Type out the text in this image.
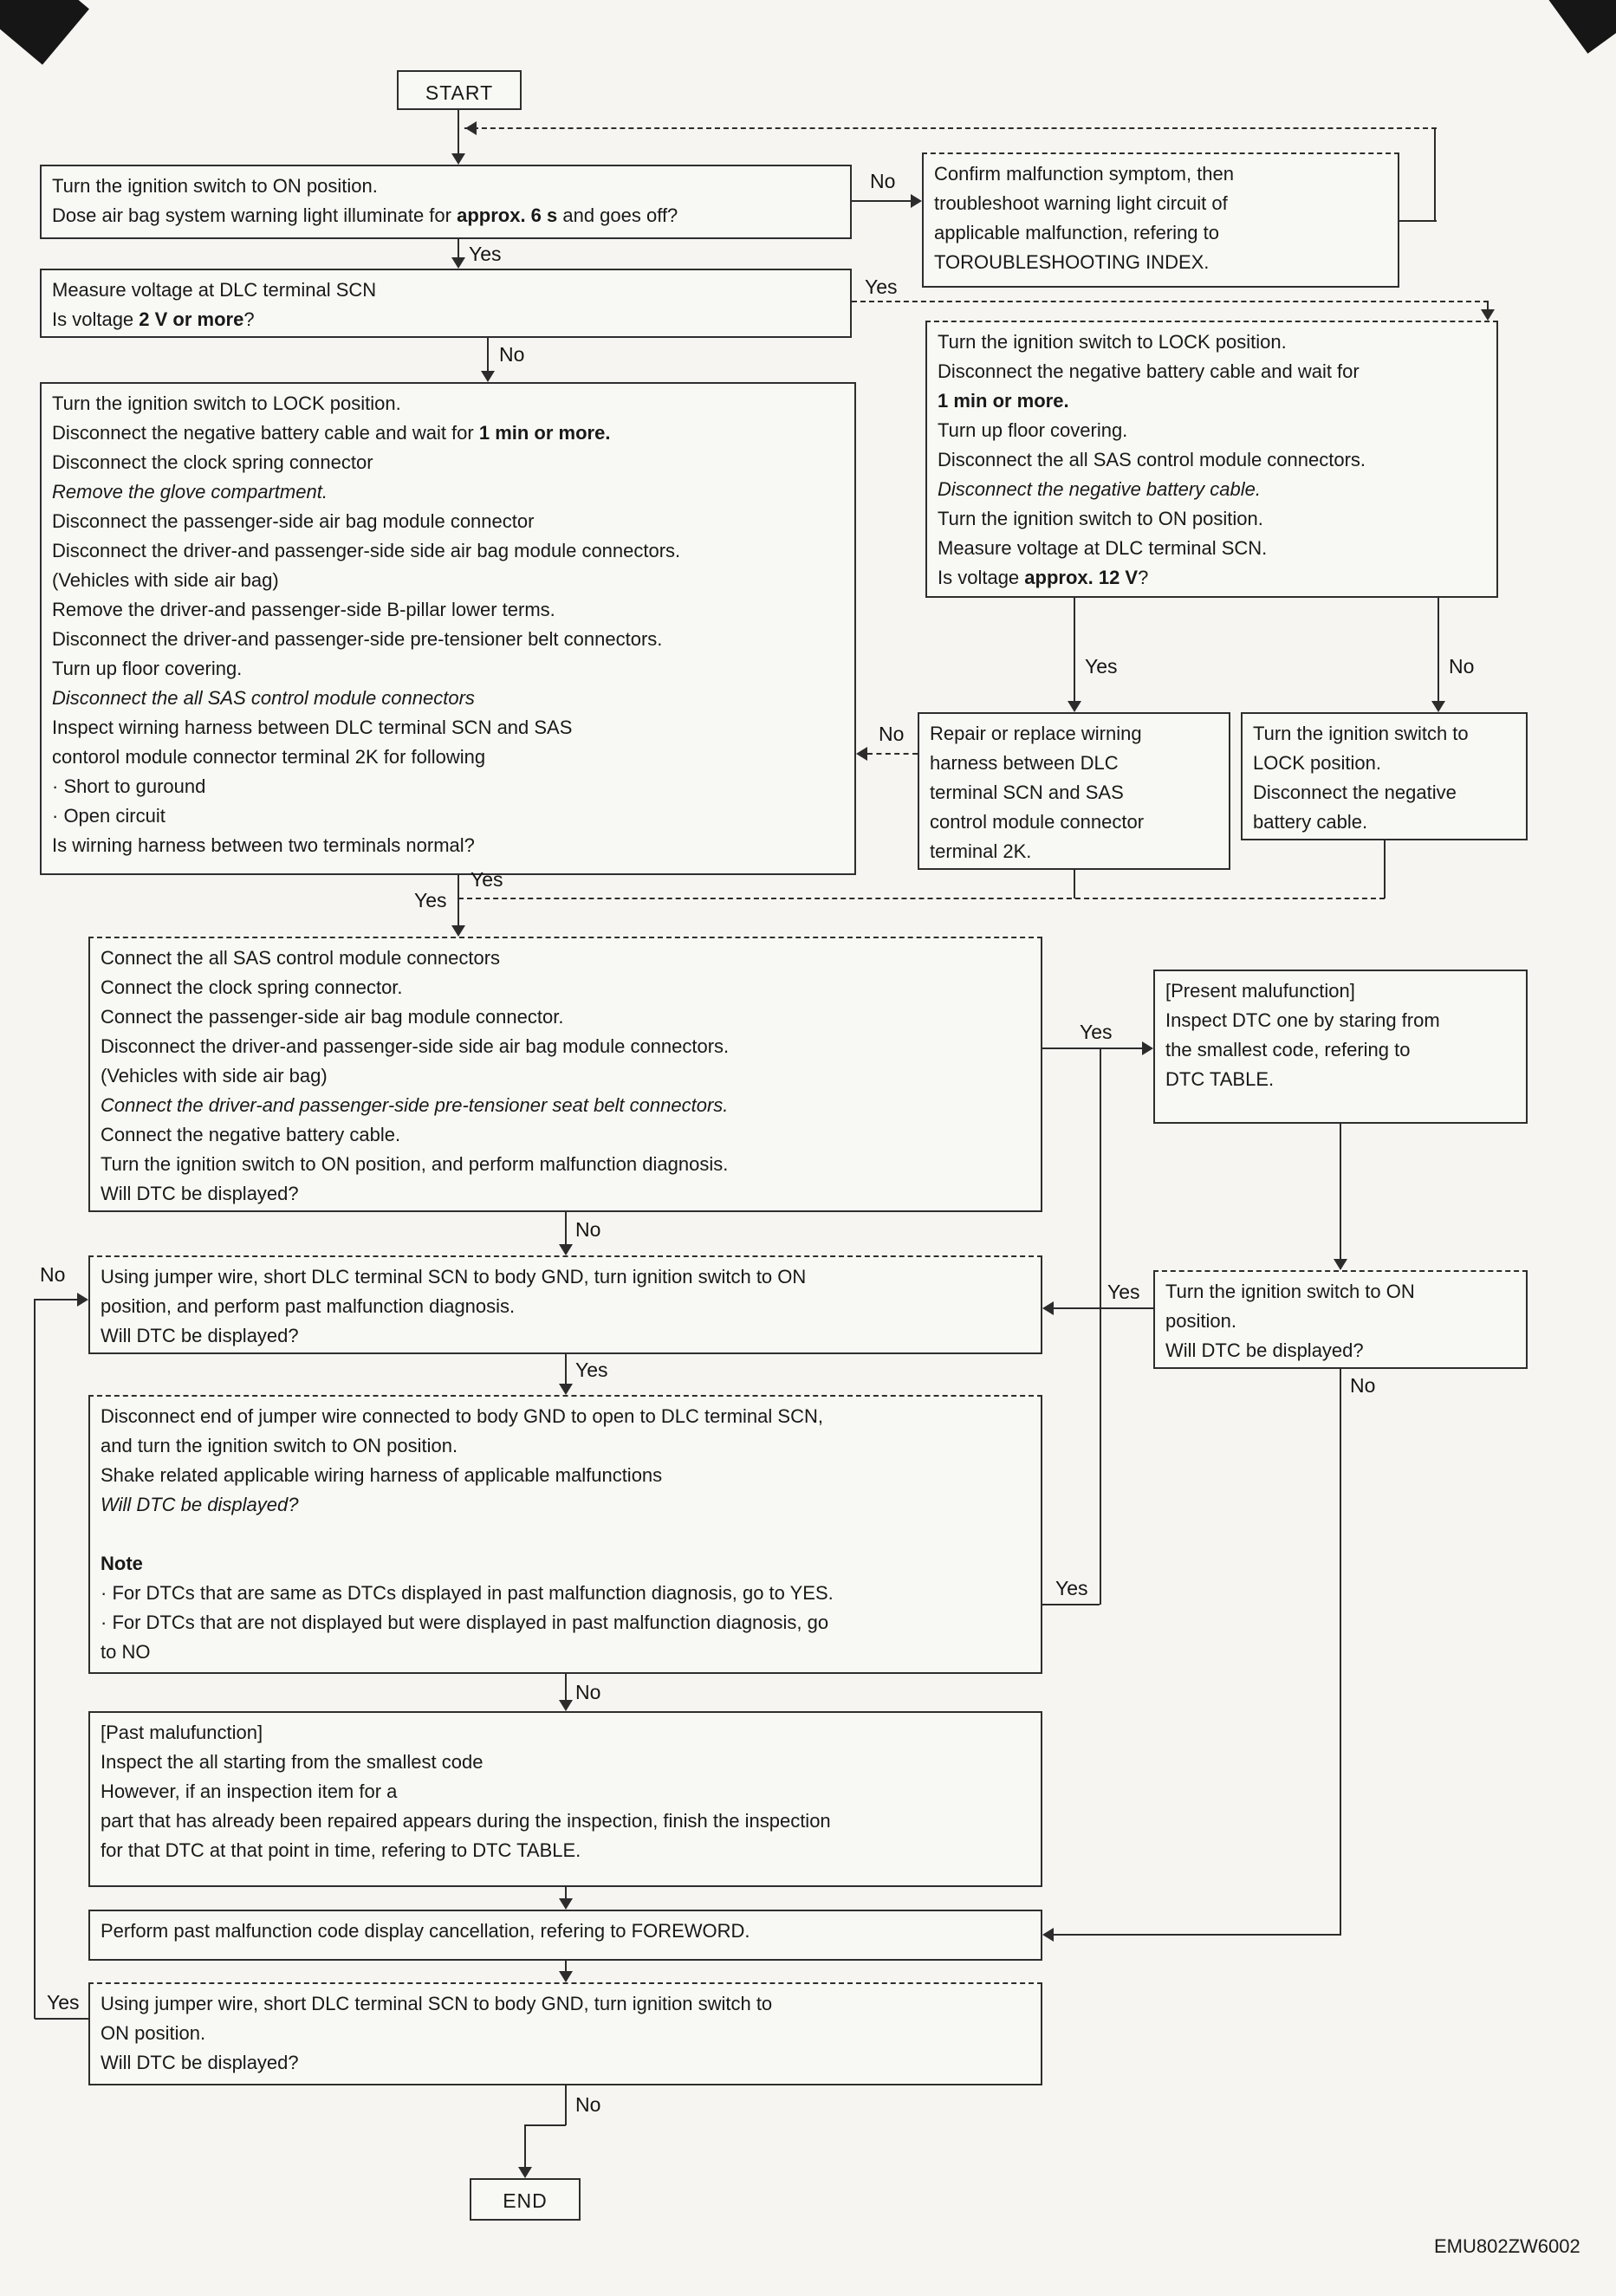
START
END
Turn the ignition switch to ON position.
Dose air bag system warning light illuminate for approx. 6 s and goes off?
Confirm malfunction symptom, then
troubleshoot warning light circuit of
applicable malfunction, refering to
TOROUBLESHOOTING INDEX.
Measure voltage at DLC terminal SCN
Is voltage 2 V or more?
Turn the ignition switch to LOCK position.
Disconnect the negative battery cable and wait for
1 min or more.
Turn up floor covering.
Disconnect the all SAS control module connectors.
Disconnect the negative battery cable.
Turn the ignition switch to ON position.
Measure voltage at DLC terminal SCN.
Is voltage approx. 12 V?
Turn the ignition switch to LOCK position.
Disconnect the negative battery cable and wait for 1 min or more.
Disconnect the clock spring connector
Remove the glove compartment.
Disconnect the passenger-side air bag module connector
Disconnect the driver-and passenger-side side air bag module connectors.
(Vehicles with side air bag)
Remove the driver-and passenger-side B-pillar lower terms.
Disconnect the driver-and passenger-side pre-tensioner belt connectors.
Turn up floor covering.
Disconnect the all SAS control module connectors
Inspect wirning harness between DLC terminal SCN and SAS
contorol module connector terminal 2K for following
· Short to guround
· Open circuit
Is wirning harness between two terminals normal?
Repair or replace wirning
harness between DLC
terminal SCN and SAS
control module connector
terminal 2K.
Turn the ignition switch to
LOCK position.
Disconnect the negative
battery cable.
Connect the all SAS control module connectors
Connect the clock spring connector.
Connect the passenger-side air bag module connector.
Disconnect the driver-and passenger-side side air bag module connectors.
(Vehicles with side air bag)
Connect the driver-and passenger-side pre-tensioner seat belt connectors.
Connect the negative battery cable.
Turn the ignition switch to ON position, and perform malfunction diagnosis.
Will DTC be displayed?
[Present malufunction]
Inspect DTC one by staring from
the smallest code, refering to
DTC TABLE.
Using jumper wire, short DLC terminal SCN to body GND, turn ignition switch to ON
position, and perform past malfunction diagnosis.
Will DTC be displayed?
Turn the ignition switch to ON
position.
Will DTC be displayed?
Disconnect end of jumper wire connected to body GND to open to DLC terminal SCN,
and turn the ignition switch to ON position.
Shake related applicable wiring harness of applicable malfunctions
Will DTC be displayed?

Note
· For DTCs that are same as DTCs displayed in past malfunction diagnosis, go to YES.
· For DTCs that are not displayed but were displayed in past malfunction diagnosis, go
to NO
[Past malufunction]
Inspect the all starting from the smallest code
However, if an inspection item for a
part that has already been repaired appears during the inspection, finish the inspection
for that DTC at that point in time, refering to DTC TABLE.
Perform past malfunction code display cancellation, refering to FOREWORD.
Using jumper wire, short DLC terminal SCN to body GND, turn ignition switch to
ON position.
Will DTC be displayed?
No
Yes
Yes
No
Yes	No
No
Yes
Yes
Yes
No
No
Yes
No
Yes
Yes
No
Yes
No
EMU802ZW6002
